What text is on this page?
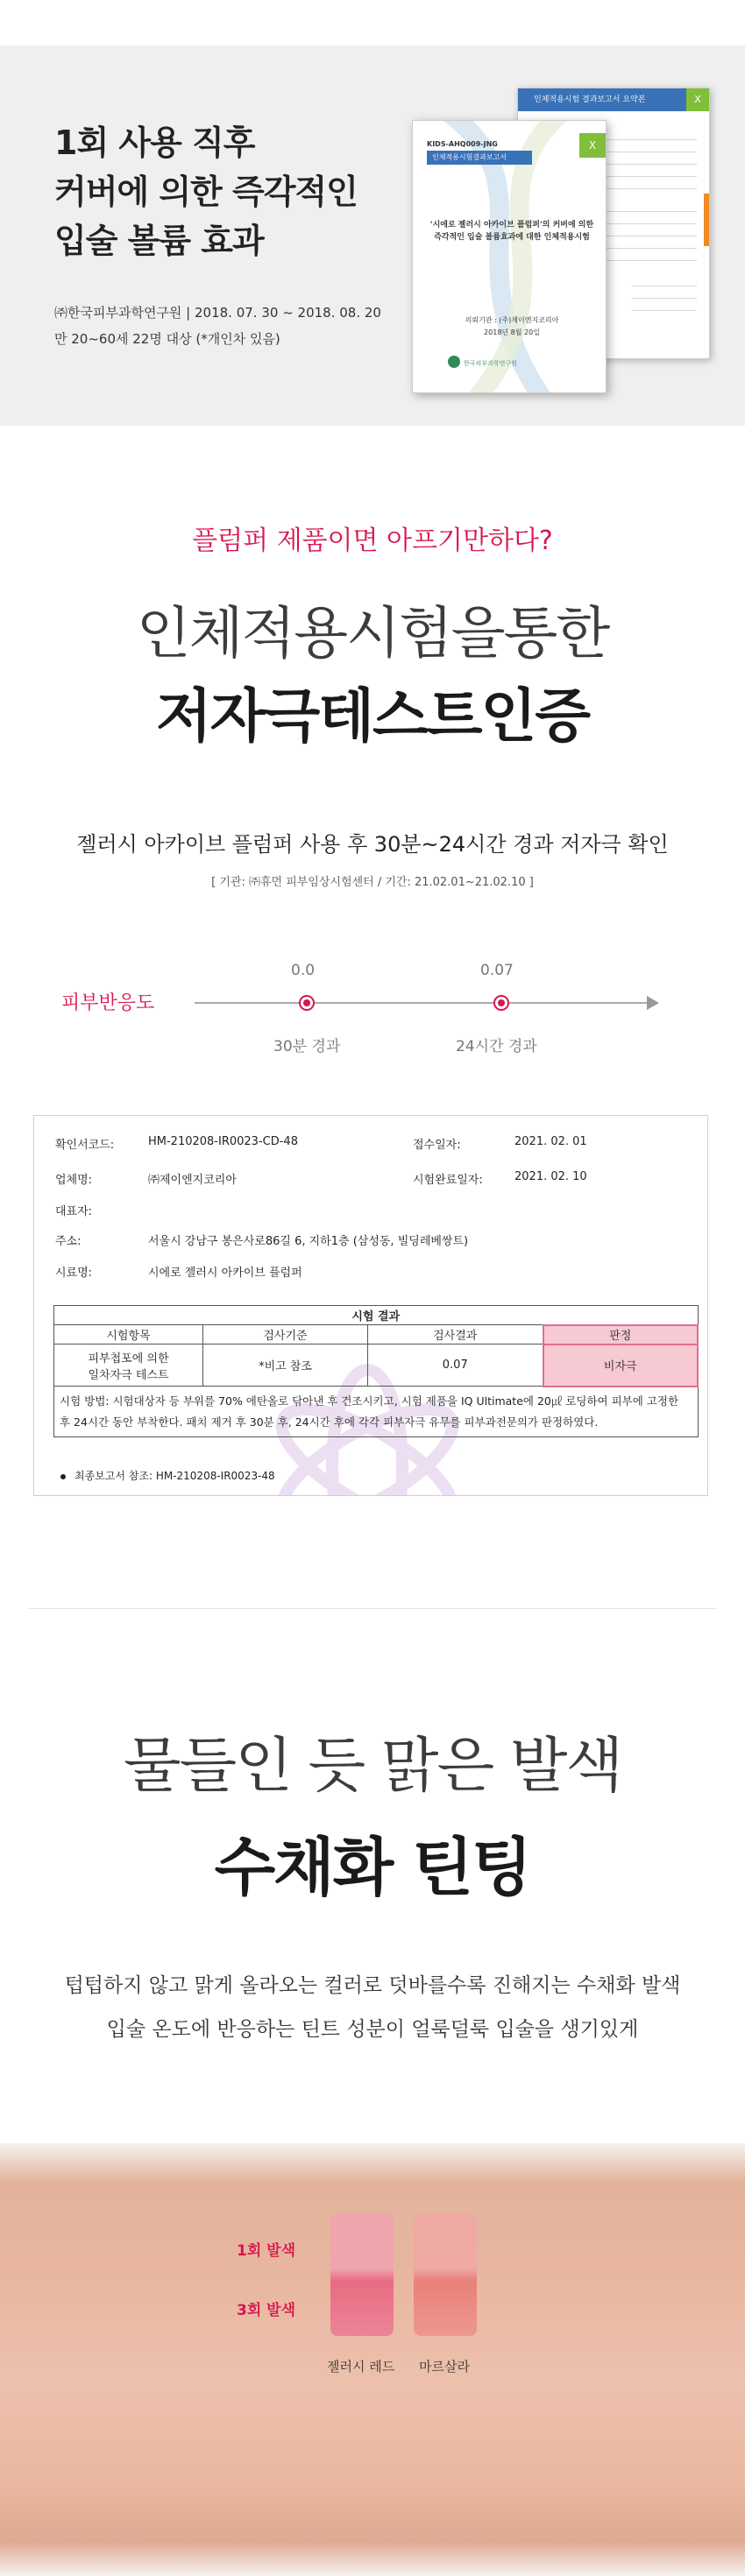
1회 사용 직후
커버에 의한 즉각적인
입술 볼륨 효과
㈜한국피부과학연구원 | 2018. 07. 30 ~ 2018. 08. 20
만 20~60세 22명 대상 (*개인차 있음)
인체적용시험 결과보고서 요약본	X
X
KIDS-AHQ009-JNG
인체적용시험결과보고서
'시에로 젤러시 아카이브 플럼퍼'의 커버에 의한 즉각적인 입술 볼륨효과에 대한 인체적용시험
의뢰기관 : (주)제이엔지코리아
2018년 8월 20일
한국피부과학연구원
플럼퍼 제품이면 아프기만하다?
인체적용시험을통한
저자극테스트인증
젤러시 아카이브 플럼퍼 사용 후 30분~24시간 경과 저자극 확인
[ 기관: ㈜휴먼 피부임상시험센터 / 기간: 21.02.01~21.02.10 ]
피부반응도
0.0
30분 경과
0.07
24시간 경과
확인서코드:	HM-210208-IR0023-CD-48	접수일자:	2021. 02. 01
업체명:	㈜제이엔지코리아	시험완료일자:	2021. 02. 10
대표자:
주소:	서울시 강남구 봉은사로86길 6, 지하1층 (삼성동, 빌딩레베쌍트)
시료명:	시에로 젤러시 아카이브 플럼퍼
시험 결과			
시험항목	검사기준	검사결과	판정

피부첩포에 의한
일차자극 테스트	*비고 참조	0.07	비자극
시험 방법: 시험대상자 등 부위를 70% 에탄올로 닦아낸 후 건조시키고, 시험 제품을 IQ Ultimate에 20㎕ 로딩하여 피부에 고정한 후 24시간 동안 부착한다. 패치 제거 후 30분 후, 24시간 후에 각각 피부자극 유무를 피부과전문의가 판정하였다.			
최종보고서 참조: HM-210208-IR0023-48
물들인 듯 맑은 발색
수채화 틴팅
텁텁하지 않고 맑게 올라오는 컬러로 덧바를수록 진해지는 수채화 발색
입술 온도에 반응하는 틴트 성분이 얼룩덜룩 입술을 생기있게
1회 발색
3회 발색
젤러시 레드 마르살라
